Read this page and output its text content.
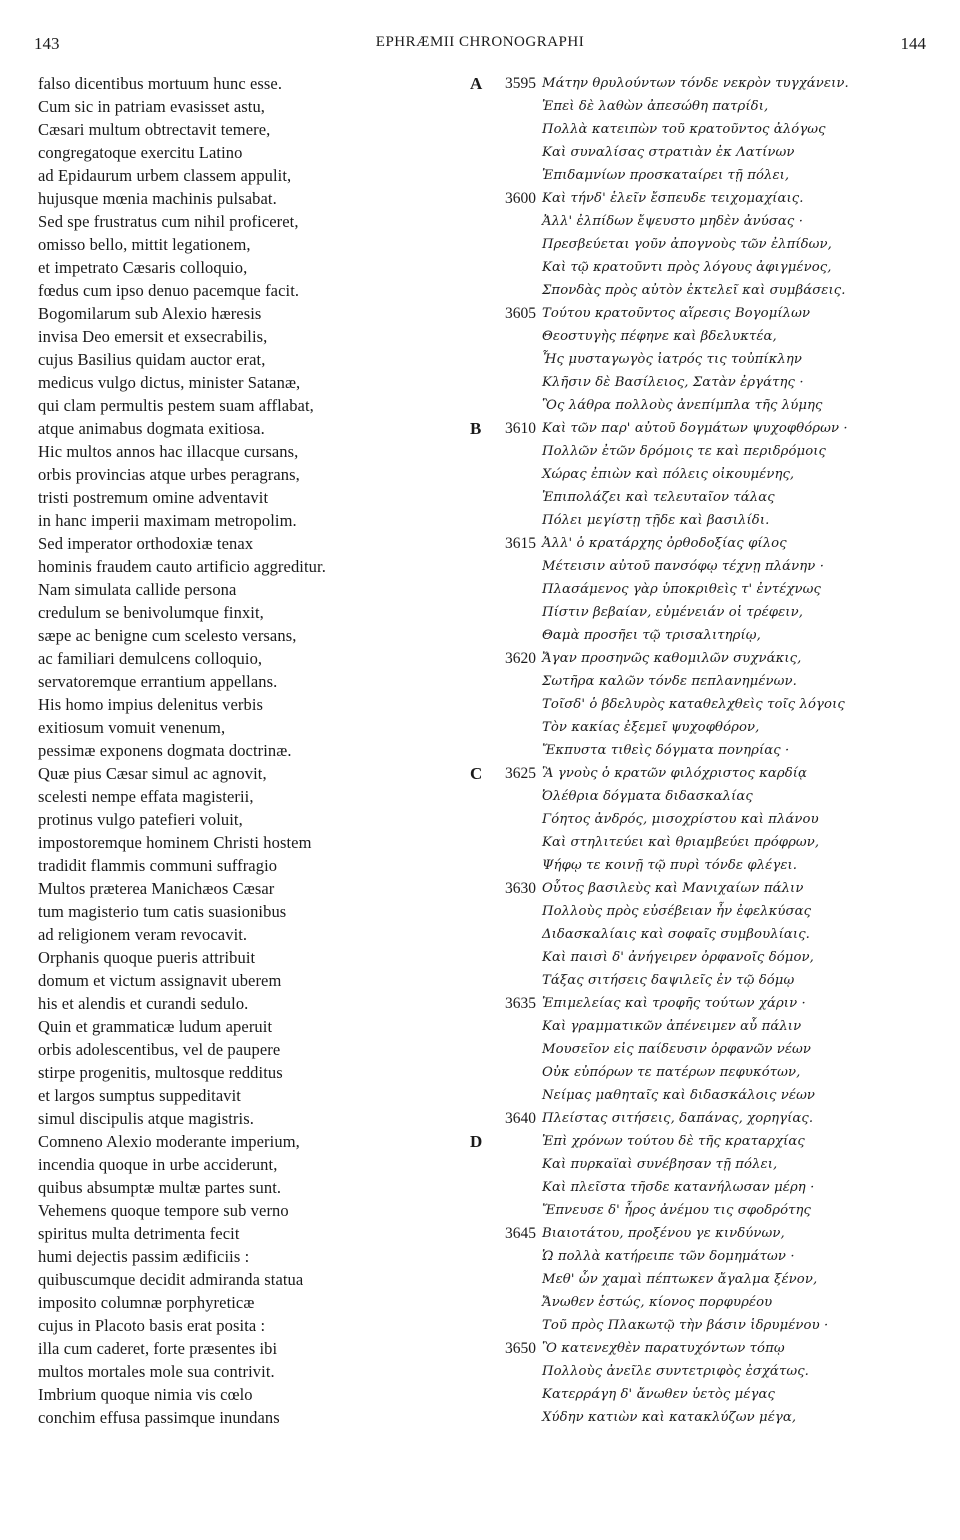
143	EPHRÆMII CHRONOGRAPHI	144
falso dicentibus mortuum hunc esse.
Cum sic in patriam evasisset astu,
Cæsari multum obtrectavit temere,
congregatoque exercitu Latino
ad Epidaurum urbem classem appulit,
hujusque mœnia machinis pulsabat.
Sed spe frustratus cum nihil proficeret,
omisso bello, mittit legationem,
et impetrato Cæsaris colloquio,
fœdus cum ipso denuo pacemque facit.
Bogomilarum sub Alexio hæresis
invisa Deo emersit et exsecrabilis,
cujus Basilius quidam auctor erat,
medicus vulgo dictus, minister Satanæ,
qui clam permultis pestem suam afflabat,
atque animabus dogmata exitiosa.
Hic multos annos hac illacque cursans,
orbis provincias atque urbes peragrans,
tristi postremum omine adventavit
in hanc imperii maximam metropolim.
Sed imperator orthodoxiæ tenax
hominis fraudem cauto artificio aggreditur.
Nam simulata callide persona
credulum se benivolumque finxit,
sæpe ac benigne cum scelesto versans,
ac familiari demulcens colloquio,
servatoremque errantium appellans.
His homo impius delenitus verbis
exitiosum vomuit venenum,
pessimæ exponens dogmata doctrinæ.
Quæ pius Cæsar simul ac agnovit,
scelesti nempe effata magisterii,
protinus vulgo patefieri voluit,
impostoremque hominem Christi hostem
tradidit flammis communi suffragio
Multos præterea Manichæos Cæsar
tum magisterio tum catis suasionibus
ad religionem veram revocavit.
Orphanis quoque pueris attribuit
domum et victum assignavit uberem
his et alendis et curandi sedulo.
Quin et grammaticæ ludum aperuit
orbis adolescentibus, vel de paupere
stirpe progenitis, multosque redditus
et largos sumptus suppeditavit
simul discipulis atque magistris.
Comneno Alexio moderante imperium,
incendia quoque in urbe acciderunt,
quibus absumptæ multæ partes sunt.
Vehemens quoque tempore sub verno
spiritus multa detrimenta fecit
humi dejectis passim ædificiis :
quibuscumque decidit admiranda statua
imposito columnæ porphyreticæ
cujus in Placoto basis erat posita :
illa cum caderet, forte præsentes ibi
multos mortales mole sua contrivit.
Imbrium quoque nimia vis cœlo
conchim effusa passimque inundans
A	3595 Μάτην θρυλούντων τόνδε νεκρὸν τυγχάνειν.
Ἐπεὶ δὲ λαθὼν ἀπεσώθη πατρίδι,
Πολλὰ κατειπὼν τοῦ κρατοῦντος ἀλόγως
Καὶ συναλίσας στρατιὰν ἐκ Λατίνων
Ἐπιδαμνίων προσκαταίρει τῇ πόλει,
3600 Καὶ τήνδ' ἑλεῖν ἔσπευδε τειχομαχίαις.
Ἀλλ' ἐλπίδων ἔψευστο μηδὲν ἀνύσας ·
Πρεσβεύεται γοῦν ἀπογνοὺς τῶν ἐλπίδων,
Καὶ τῷ κρατοῦντι πρὸς λόγους ἀφιγμένος,
Σπονδὰς πρὸς αὐτὸν ἐκτελεῖ καὶ συμβάσεις.
3605 Τούτου κρατοῦντος αἵρεσις Βογομίλων
Θεοστυγὴς πέφηνε καὶ βδελυκτέα,
Ἧς μυσταγωγὸς ἰατρός τις τοὐπίκλην
Κλῆσιν δὲ Βασίλειος, Σατὰν ἐργάτης ·
Ὃς λάθρα πολλοὺς ἀνεπίμπλα τῆς λύμης
B	3610 Καὶ τῶν παρ' αὐτοῦ δογμάτων ψυχοφθόρων ·
Πολλῶν ἐτῶν δρόμοις τε καὶ περιδρόμοις
Χώρας ἐπιὼν καὶ πόλεις οἰκουμένης,
Ἐπιπολάζει καὶ τελευταῖον τάλας
Πόλει μεγίστῃ τῇδε καὶ βασιλίδι.
3615 Ἀλλ' ὁ κρατάρχης ὀρθοδοξίας φίλος
Μέτεισιν αὐτοῦ πανσόφῳ τέχνῃ πλάνην ·
Πλασάμενος γὰρ ὑποκριθεὶς τ' ἐντέχνως
Πίστιν βεβαίαν, εὐμένειάν οἱ τρέφειν,
Θαμὰ προσῆει τῷ τρισαλιτηρίῳ,
3620 Ἄγαν προσηνῶς καθομιλῶν συχνάκις,
Σωτῆρα καλῶν τόνδε πεπλανημένων.
Τοῖσδ' ὁ βδελυρὸς καταθελχθεὶς τοῖς λόγοις
Τὸν κακίας ἐξεμεῖ ψυχοφθόρον,
Ἔκπυστα τιθεὶς δόγματα πονηρίας ·
C	3625 Ἃ γνοὺς ὁ κρατῶν φιλόχριστος καρδίᾳ
Ὀλέθρια δόγματα διδασκαλίας
Γόητος ἀνδρός, μισοχρίστου καὶ πλάνου
Καὶ στηλιτεύει καὶ θριαμβεύει πρόφρων,
Ψήφῳ τε κοινῇ τῷ πυρὶ τόνδε φλέγει.
3630 Οὗτος βασιλεὺς καὶ Μανιχαίων πάλιν
Πολλοὺς πρὸς εὐσέβειαν ἦν ἐφελκύσας
Διδασκαλίαις καὶ σοφαῖς συμβουλίαις.
Καὶ παισὶ δ' ἀνήγειρεν ὀρφανοῖς δόμον,
Τάξας σιτήσεις δαψιλεῖς ἐν τῷ δόμῳ
3635 Ἐπιμελείας καὶ τροφῆς τούτων χάριν ·
Καὶ γραμματικῶν ἀπένειμεν αὖ πάλιν
Μουσεῖον εἰς παίδευσιν ὀρφανῶν νέων
Οὐκ εὐπόρων τε πατέρων πεφυκότων,
Νείμας μαθηταῖς καὶ διδασκάλοις νέων
3640 Πλείστας σιτήσεις, δαπάνας, χορηγίας.
D	Ἐπὶ χρόνων τούτου δὲ τῆς κραταρχίας
Καὶ πυρκαϊαὶ συνέβησαν τῇ πόλει,
Καὶ πλεῖστα τῆσδε κατανήλωσαν μέρη ·
Ἔπνευσε δ' ἦρος ἀνέμου τις σφοδρότης
3645 Βιαιοτάτου, προξένου γε κινδύνων,
Ὡ πολλὰ κατήρειπε τῶν δομημάτων ·
Μεθ' ὧν χαμαὶ πέπτωκεν ἄγαλμα ξένον,
Ἄνωθεν ἑστώς, κίονος πορφυρέου
Τοῦ πρὸς Πλακωτῷ τὴν βάσιν ἱδρυμένου ·
3650 Ὃ κατενεχθὲν παρατυχόντων τόπῳ
Πολλοὺς ἀνεῖλε συντετριφὸς ἐσχάτως.
Κατερράγη δ' ἄνωθεν ὑετὸς μέγας
Χύδην κατιὼν καὶ κατακλύζων μέγα,
